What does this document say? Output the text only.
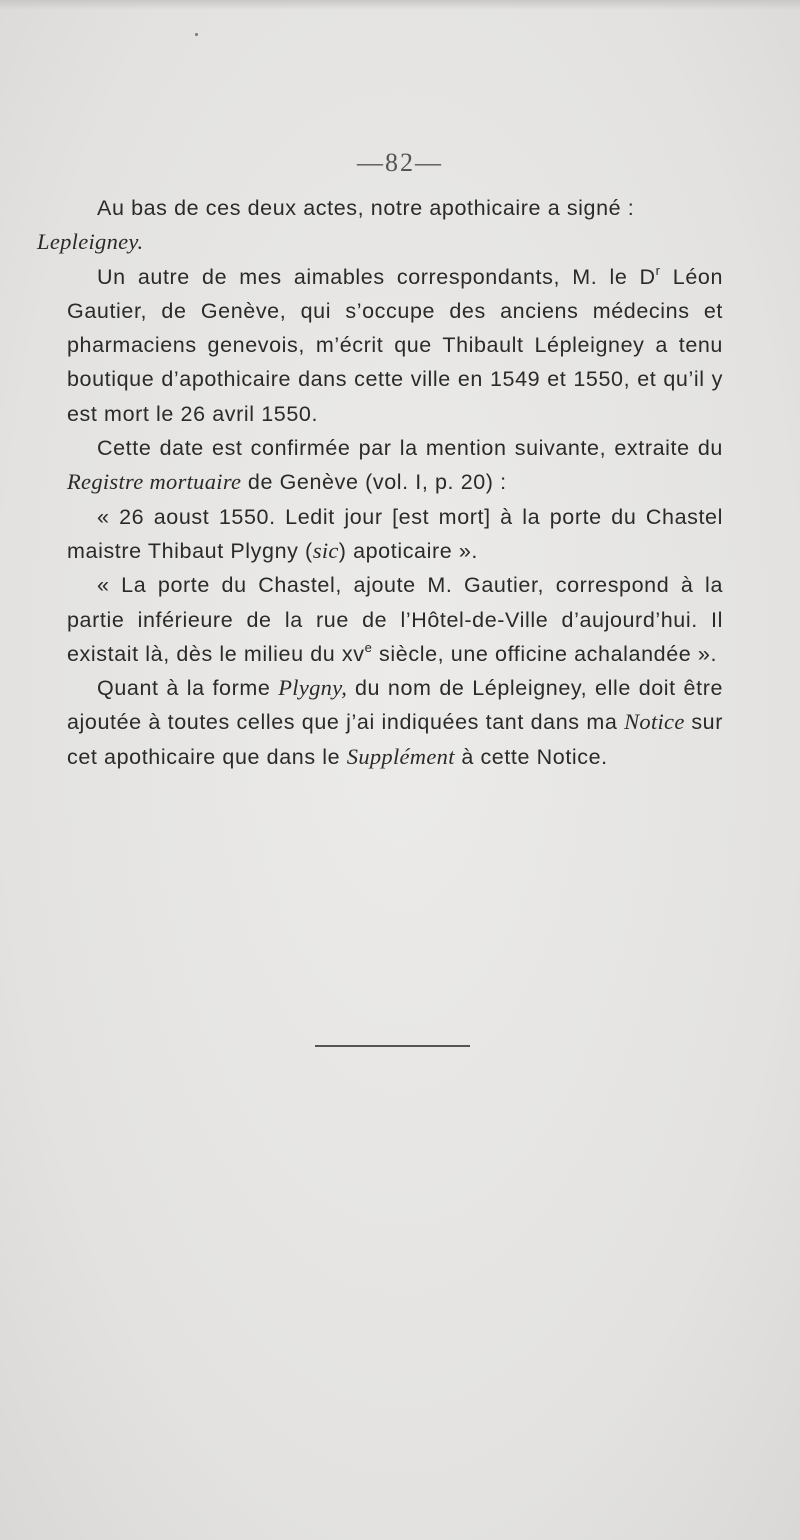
—82—

Au bas de ces deux actes, notre apothicaire a signé :
Lepleigney.

Un autre de mes aimables correspondants, M. le $D^r$ Léon Gautier, de Genève, qui s’occupe des anciens médecins et pharmaciens genevois, m’écrit que Thibault Lépleigney a tenu boutique d’apothicaire dans cette ville en 1549 et 1550, et qu’il y est mort le 26 avril 1550.

Cette date est confirmée par la mention suivante, extraite du Registre mortuaire de Genève (vol. I, p. 20) :

« 26 aoust 1550. Ledit jour [est mort] à la porte du Chastel maistre Thibaut Plygny (sic) apoticaire ».

« La porte du Chastel, ajoute M. Gautier, correspond à la partie inférieure de la rue de l’Hôtel-de-Ville d’aujourd’hui. Il existait là, dès le milieu du $xv^e$ siècle, une officine achalandée ».

Quant à la forme Plygny, du nom de Lépleigney, elle doit être ajoutée à toutes celles que j’ai indiquées tant dans ma Notice sur cet apothicaire que dans le Supplément à cette Notice.
